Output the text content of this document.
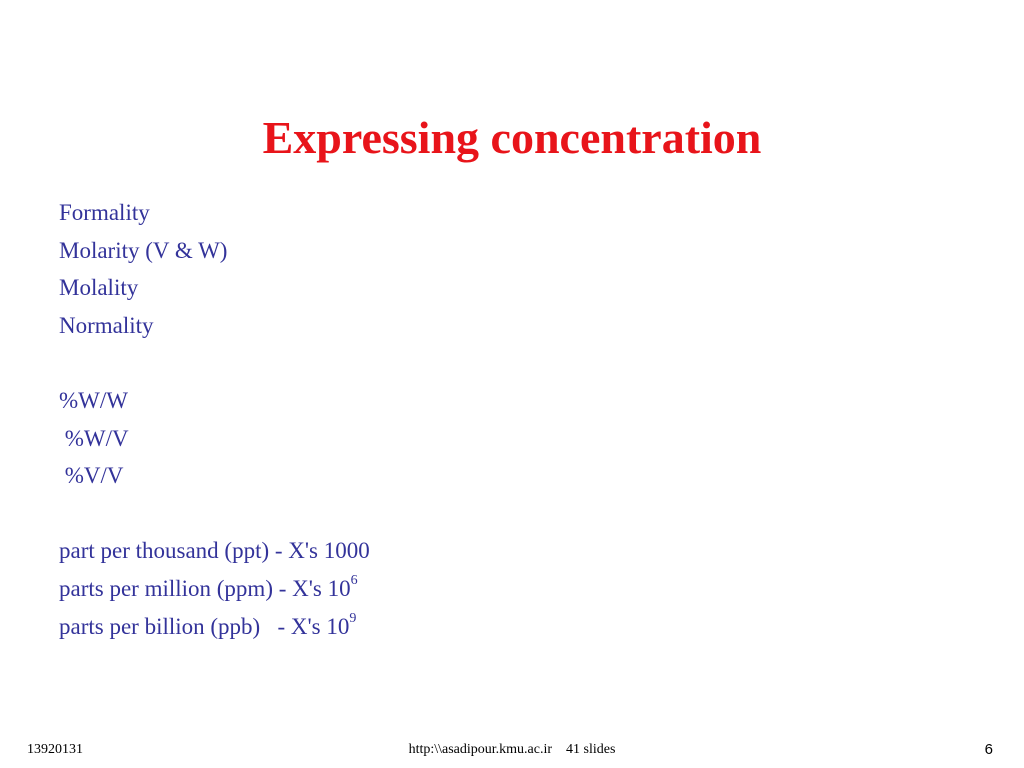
Expressing concentration
Formality
Molarity (V & W)
Molality
Normality
%W/W
%W/V
%V/V
part per thousand (ppt) - X's 1000
parts per million (ppm) - X's $10^6$
parts per billion (ppb)   - X's $10^9$
13920131	http:\\asadipour.kmu.ac.ir    41 slides	6
